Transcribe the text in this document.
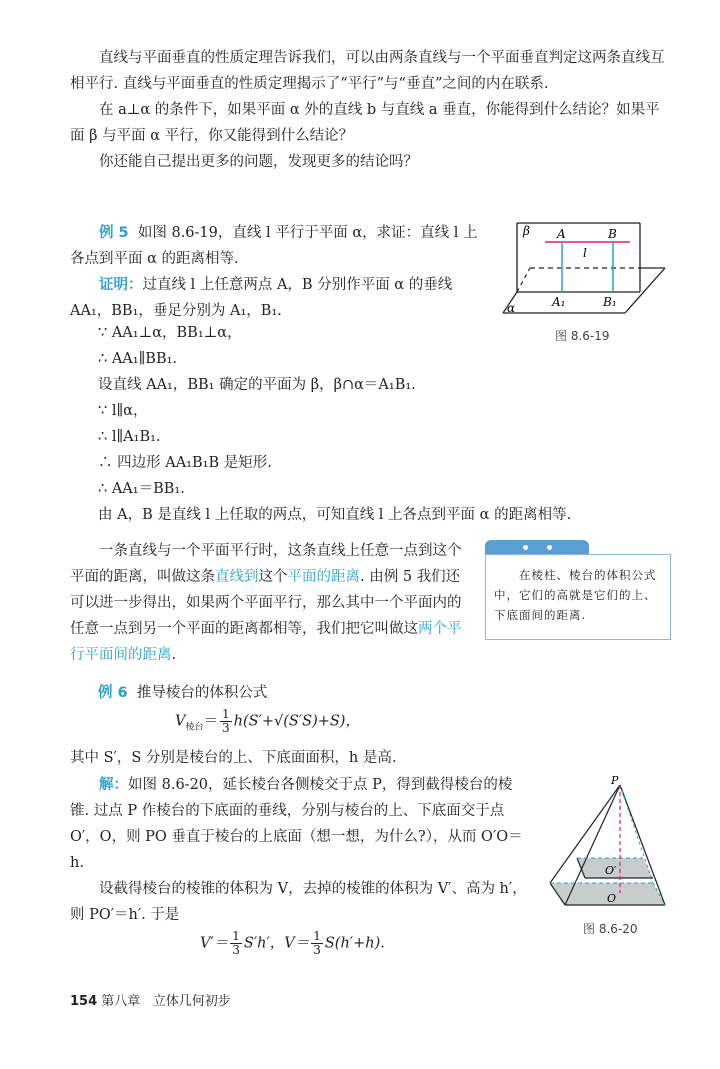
直线与平面垂直的性质定理告诉我们，可以由两条直线与一个平面垂直判定这两条直线互相平行. 直线与平面垂直的性质定理揭示了“平行”与“垂直”之间的内在联系.

在 a⊥α 的条件下，如果平面 α 外的直线 b 与直线 a 垂直，你能得到什么结论？如果平面 β 与平面 α 平行，你又能得到什么结论？

你还能自己提出更多的问题，发现更多的结论吗？

例 5 如图 8.6-19，直线 l 平行于平面 α，求证：直线 l 上各点到平面 α 的距离相等.

证明：过直线 l 上任意两点 A，B 分别作平面 α 的垂线 AA₁，BB₁，垂足分别为 A₁，B₁.

∵ AA₁⊥α，BB₁⊥α，
∴ AA₁∥BB₁.
设直线 AA₁，BB₁ 确定的平面为 β，β∩α＝A₁B₁.
∵ l∥α，
∴ l∥A₁B₁.
∴ 四边形 AA₁B₁B 是矩形.
∴ AA₁＝BB₁.
由 A，B 是直线 l 上任取的两点，可知直线 l 上各点到平面 α 的距离相等.
β A	B
l
A₁	B₁
α
图 8.6-19

一条直线与一个平面平行时，这条直线上任意一点到这个平面的距离，叫做这条直线到这个平面的距离. 由例 5 我们还可以进一步得出，如果两个平面平行，那么其中一个平面内的任意一点到另一个平面的距离都相等，我们把它叫做这两个平行平面间的距离.

　　在棱柱、棱台的体积公式中，它们的高就是它们的上、下底面间的距离.
例 6 推导棱台的体积公式
$V_{棱台}= \frac{1}{3} h(S'+√(S'S)+S)$，
其中 S′，S 分别是棱台的上、下底面面积，h 是高.

解：如图 8.6-20，延长棱台各侧棱交于点 P，得到截得棱台的棱锥. 过点 P 作棱台的下底面的垂线，分别与棱台的上、下底面交于点 O′，O，则 PO 垂直于棱台的上底面（想一想，为什么?），从而 O′O＝h.

设截得棱台的棱锥的体积为 V，去掉的棱锥的体积为 V′、高为 h′，则 PO′＝h′. 于是

$V'= \frac{1}{3} S'h'$，$V= \frac{1}{3} S(h'+h)$.
P
O′
O
图 8.6-20
154 第八章 立体几何初步
